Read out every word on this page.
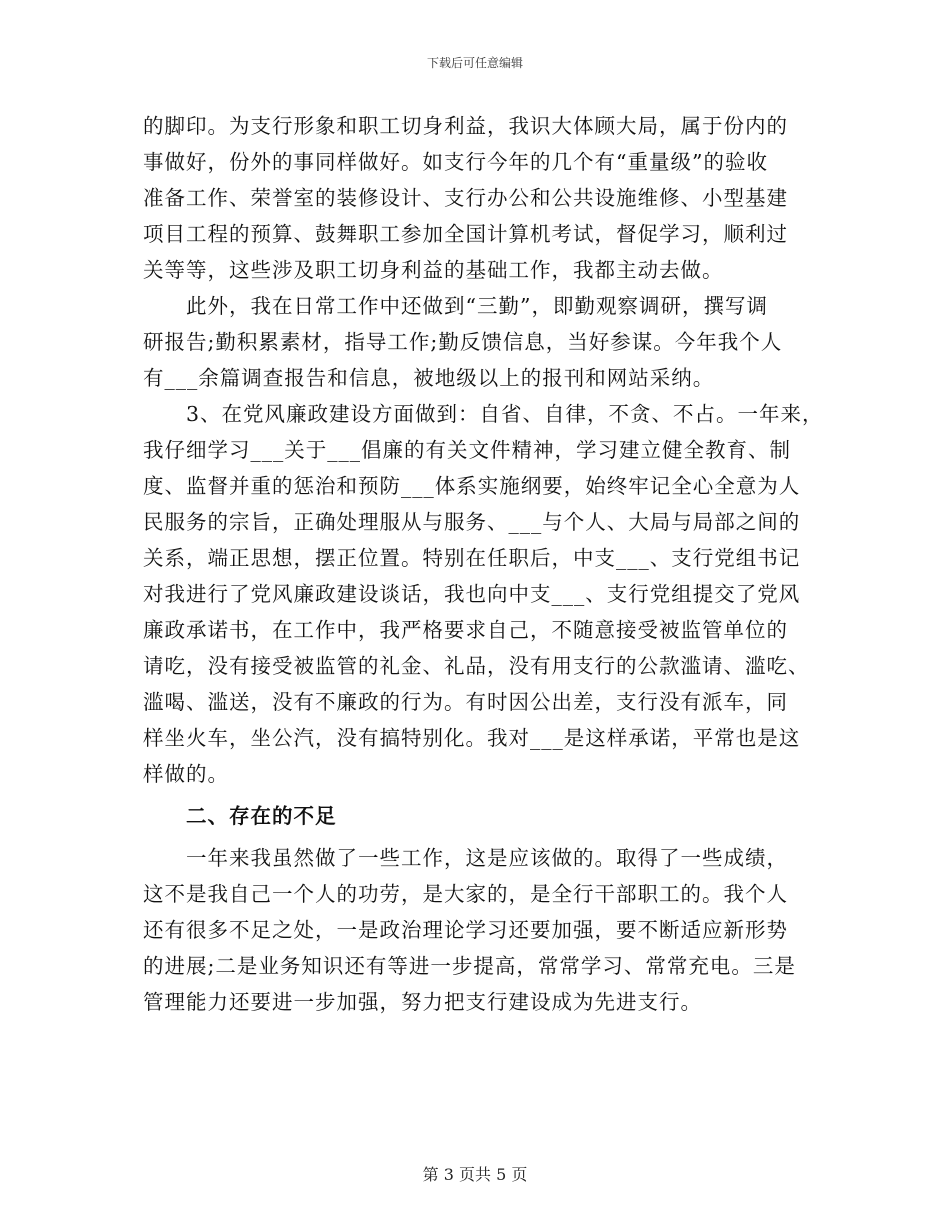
下载后可任意编辑
的脚印。为支行形象和职工切身利益，我识大体顾大局，属于份内的
事做好，份外的事同样做好。如支行今年的几个有“重量级”的验收
准备工作、荣誉室的装修设计、支行办公和公共设施维修、小型基建
项目工程的预算、鼓舞职工参加全国计算机考试，督促学习，顺利过
关等等，这些涉及职工切身利益的基础工作，我都主动去做。
　　此外，我在日常工作中还做到“三勤”，即勤观察调研，撰写调
研报告;勤积累素材，指导工作;勤反馈信息，当好参谋。今年我个人
有___余篇调查报告和信息，被地级以上的报刊和网站采纳。
　　3、在党风廉政建设方面做到：自省、自律，不贪、不占。一年来，
我仔细学习___关于___倡廉的有关文件精神，学习建立健全教育、制
度、监督并重的惩治和预防___体系实施纲要，始终牢记全心全意为人
民服务的宗旨，正确处理服从与服务、___与个人、大局与局部之间的
关系，端正思想，摆正位置。特别在任职后，中支___、支行党组书记
对我进行了党风廉政建设谈话，我也向中支___、支行党组提交了党风
廉政承诺书，在工作中，我严格要求自己，不随意接受被监管单位的
请吃，没有接受被监管的礼金、礼品，没有用支行的公款滥请、滥吃、
滥喝、滥送，没有不廉政的行为。有时因公出差，支行没有派车，同
样坐火车，坐公汽，没有搞特别化。我对___是这样承诺，平常也是这
样做的。
　　二、存在的不足
　　一年来我虽然做了一些工作，这是应该做的。取得了一些成绩，
这不是我自己一个人的功劳，是大家的，是全行干部职工的。我个人
还有很多不足之处，一是政治理论学习还要加强，要不断适应新形势
的进展;二是业务知识还有等进一步提高，常常学习、常常充电。三是
管理能力还要进一步加强，努力把支行建设成为先进支行。
第 3 页共 5 页
